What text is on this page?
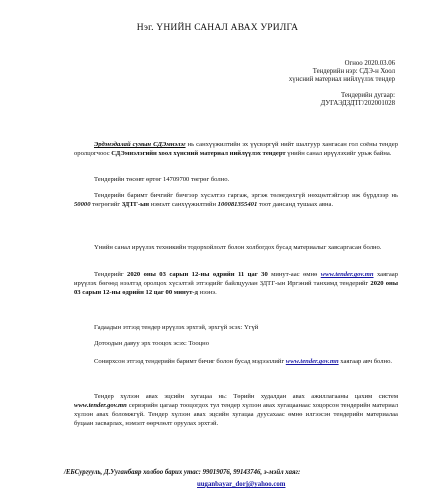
Нэг. ҮНИЙН САНАЛ АВАХ УРИЛГА
Огноо 2020.03.06
Тендерийн нэр: СДЭ-н Хоол
хүнсний материал нийлүүлэх тендер
Тендерийн дугаар:
ДУГАЭДЗДТГ/202001028
Эрдэнэдалай сумын СДЭмнэлэг нь санхүүжилтийн эх үүсвэргүй нийт шалгуур хангасан гол соёны тендер оролцогчоос СДЭмнэлэгийн хоол хүнсний материал нийлүүлэх тендерт үнийн санал ирүүлэхийг урьж байна.
Тендерийн төсөвт өртөг 14709700 төгрөг болно.
Тендерийн баримт бичгийг бичгээр хүсэлтээ гаргаж, эргэж төлөгдөхгүй нөхцөлтэйгээр иж бүрдлээр нь 50000 төгрөгийг ЗДТГ-ын нэмэлт санхүүжилтийн 100081355401 тоот дансанд тушаах авна.
Үнийн санал ирүүлэх техникийн тодорхойлолт болон холбогдох бусад материалыг хавсаргасан болно.
Тендерийг 2020 оны 03 сарын 12-ны өдрийн 11 цаг 30 минут-аас өмнө www.tender.gov.mn хаягаар ирүүлэх бөгөөд нээлтэд оролцох хүсэлтэй этгээдийг байлцуулан ЗДТГ-ын Иргэний танхимд тендерийг 2020 оны 03 сарын 12-ны өдрийн 12 цаг 00 минут-д нээнэ.
Гадаадын этгээд тендер ирүүлэх эрхтэй, эрхгүй эсэх: Үгүй
Дотоодын давуу эрх тооцох эсэх: Тооцно
Сонирхсон этгээд тендерийн баримт бичиг болон бусад мэдээллийг www.tender.gov.mn хаягаар авч болно.
Тендер хүлээн авах эцсийн хугацаа нь: Төрийн худалдан авах ажиллагааны цахим систем www.tender.gov.mn сервэрийн цагаар тооцогдох тул тендер хүлээн авах хугацаанаас хоцорсон тендерийн материал хүлээн авах боломжгүй. Тендер хүлээн авах эцсийн хугацаа дуусахаас өмнө илгээсэн тендерийн материалаа буцаан засварлах, нэмэлт өөрчлөлт оруулах эрхтэй.
/ЕБСургууль, Д.Ууганбаяр холбоо барих утас: 99019076, 99143746, э-мэйл хаяг:
uuganbayar_dorj@yahoo.com
